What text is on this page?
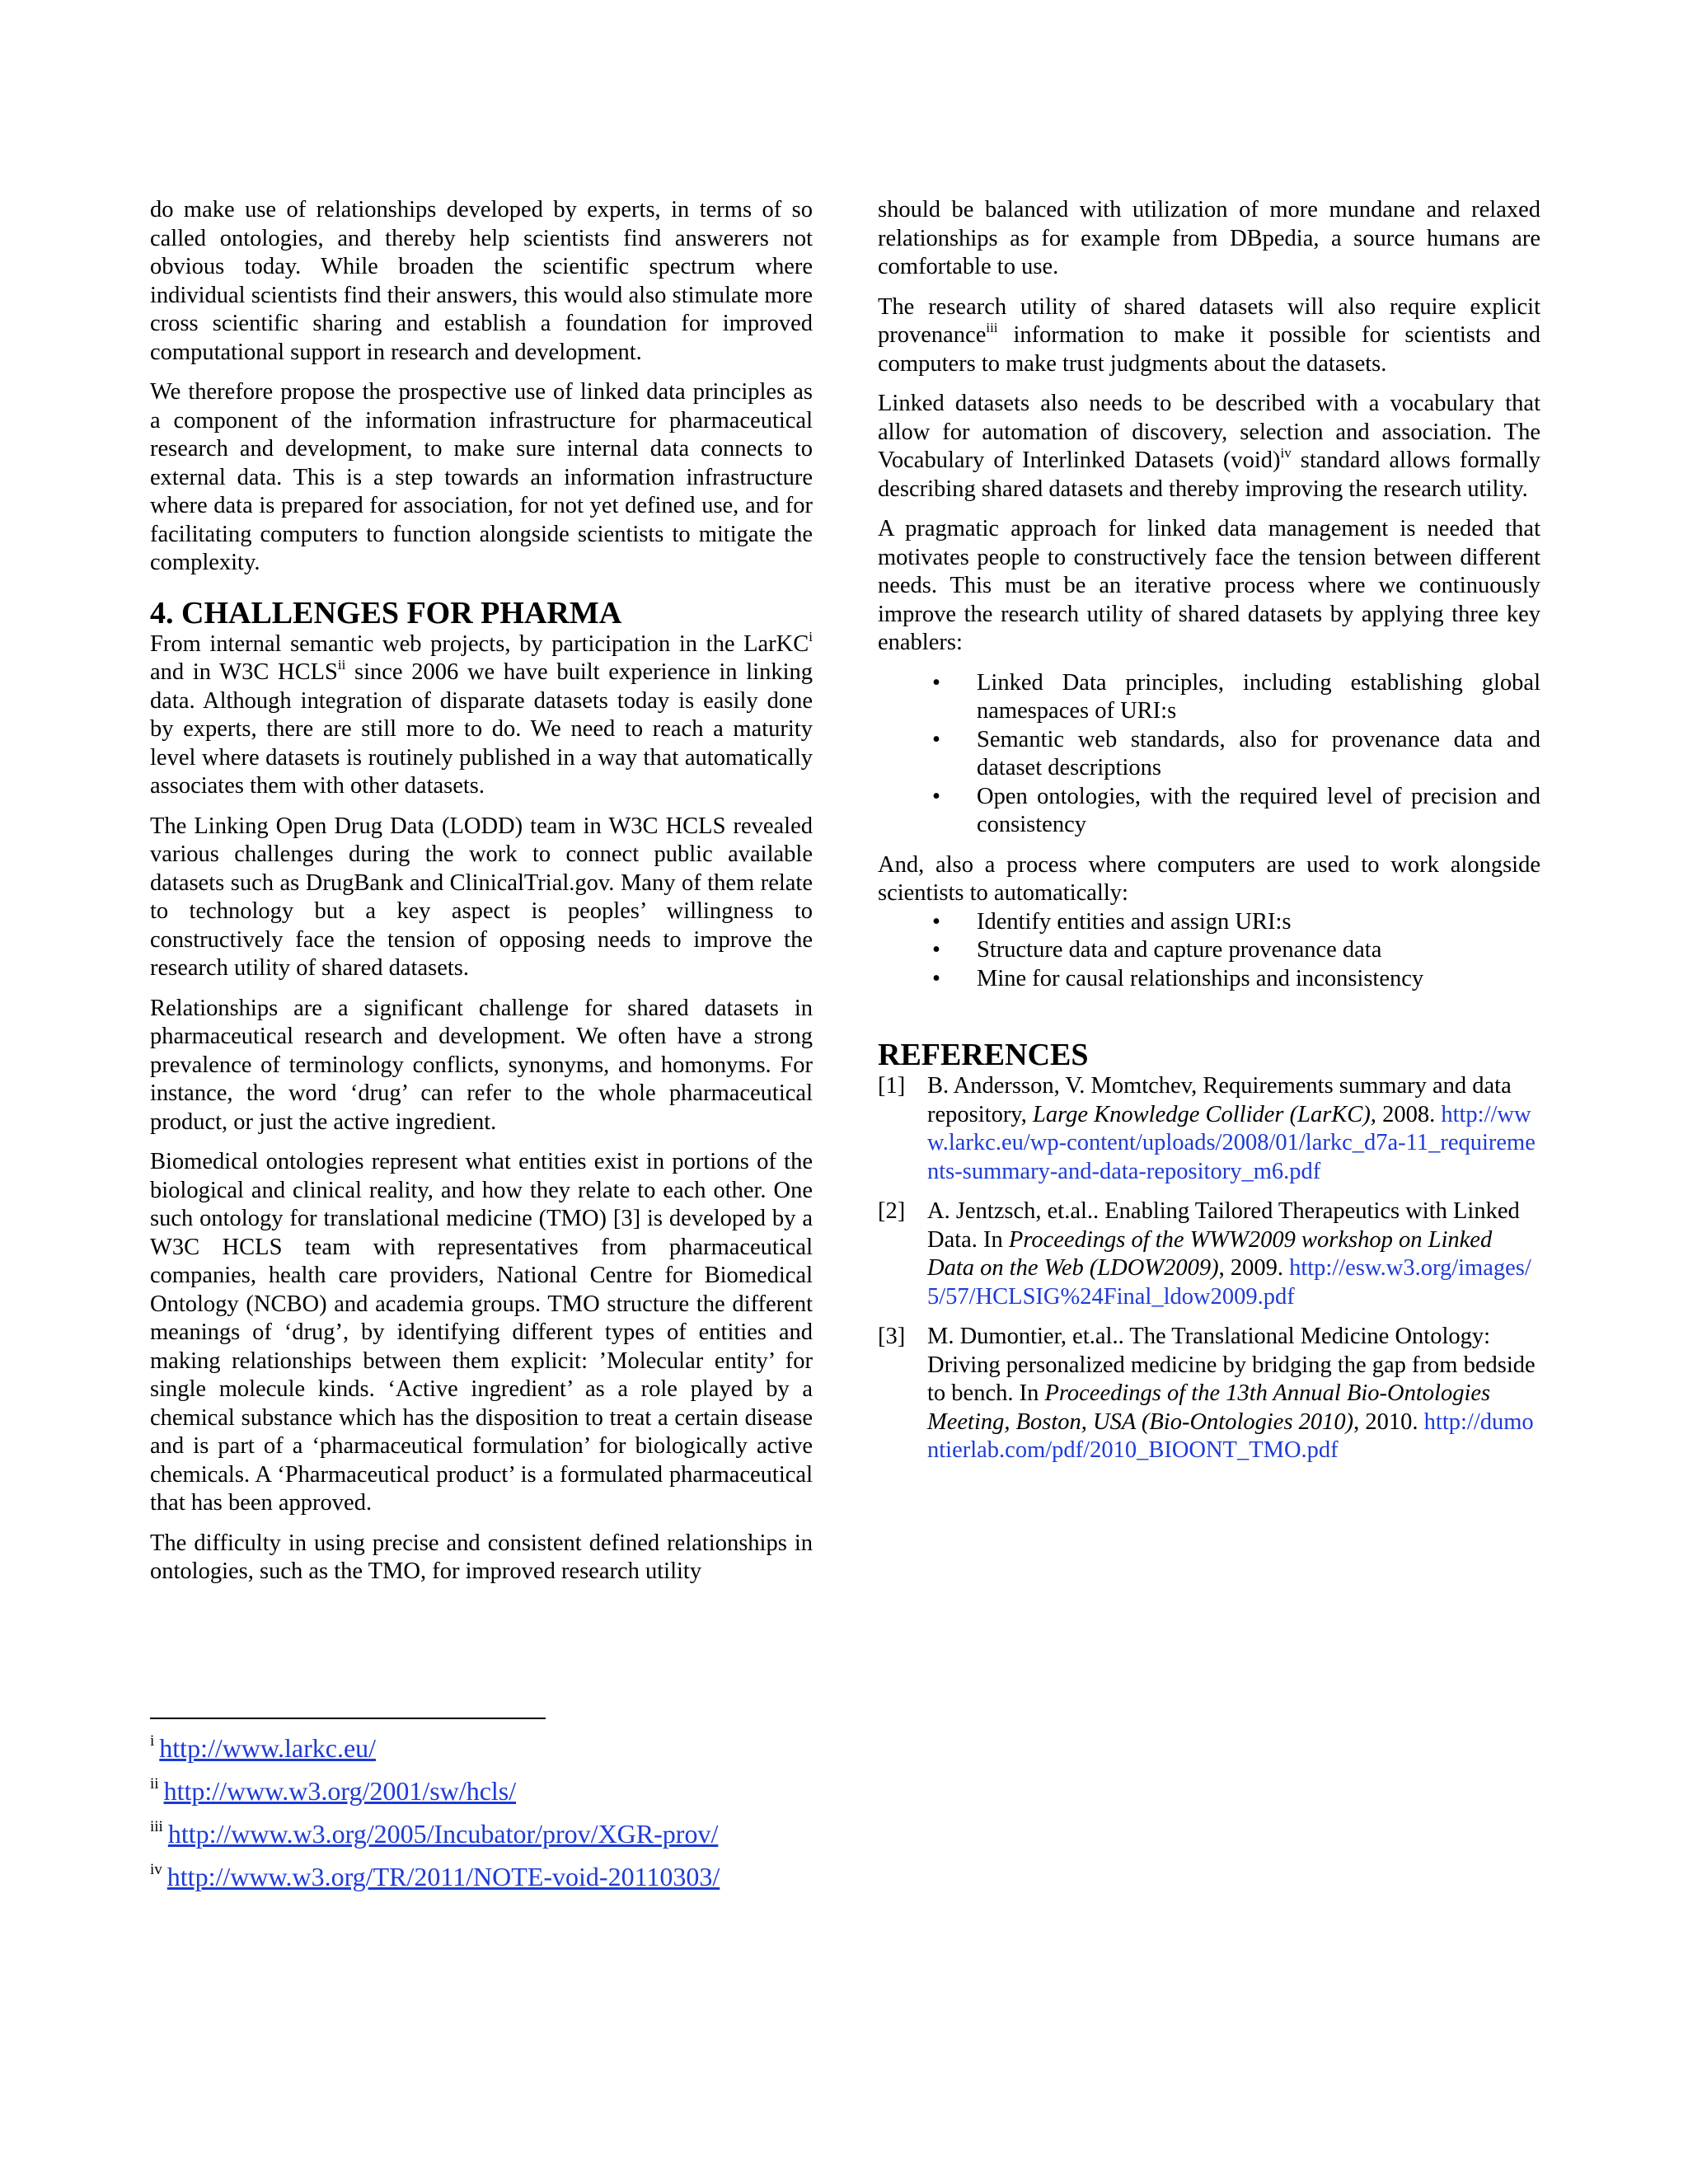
do make use of relationships developed by experts, in terms of so called ontologies, and thereby help scientists find answerers not obvious today. While broaden the scientific spectrum where individual scientists find their answers, this would also stimulate more cross scientific sharing and establish a foundation for improved computational support in research and development.

We therefore propose the prospective use of linked data principles as a component of the information infrastructure for pharmaceutical research and development, to make sure internal data connects to external data. This is a step towards an information infrastructure where data is prepared for association, for not yet defined use, and for facilitating computers to function alongside scientists to mitigate the complexity.

4. CHALLENGES FOR PHARMA

From internal semantic web projects, by participation in the LarKC$^i$ and in W3C HCLS$^{ii}$ since 2006 we have built experience in linking data. Although integration of disparate datasets today is easily done by experts, there are still more to do. We need to reach a maturity level where datasets is routinely published in a way that automatically associates them with other datasets.

The Linking Open Drug Data (LODD) team in W3C HCLS revealed various challenges during the work to connect public available datasets such as DrugBank and ClinicalTrial.gov. Many of them relate to technology but a key aspect is peoples’ willingness to constructively face the tension of opposing needs to improve the research utility of shared datasets.

Relationships are a significant challenge for shared datasets in pharmaceutical research and development. We often have a strong prevalence of terminology conflicts, synonyms, and homonyms. For instance, the word ‘drug’ can refer to the whole pharmaceutical product, or just the active ingredient.

Biomedical ontologies represent what entities exist in portions of the biological and clinical reality, and how they relate to each other. One such ontology for translational medicine (TMO) [3] is developed by a W3C HCLS team with representatives from pharmaceutical companies, health care providers, National Centre for Biomedical Ontology (NCBO) and academia groups. TMO structure the different meanings of ‘drug’, by identifying different types of entities and making relationships between them explicit: ’Molecular entity’ for single molecule kinds. ‘Active ingredient’ as a role played by a chemical substance which has the disposition to treat a certain disease and is part of a ‘pharmaceutical formulation’ for biologically active chemicals. A ‘Pharmaceutical product’ is a formulated pharmaceutical that has been approved.

The difficulty in using precise and consistent defined relationships in ontologies, such as the TMO, for improved research utility

should be balanced with utilization of more mundane and relaxed relationships as for example from DBpedia, a source humans are comfortable to use.

The research utility of shared datasets will also require explicit provenance$^{iii}$ information to make it possible for scientists and computers to make trust judgments about the datasets.

Linked datasets also needs to be described with a vocabulary that allow for automation of discovery, selection and association. The Vocabulary of Interlinked Datasets (void)$^{iv}$ standard allows formally describing shared datasets and thereby improving the research utility.

A pragmatic approach for linked data management is needed that motivates people to constructively face the tension between different needs. This must be an iterative process where we continuously improve the research utility of shared datasets by applying three key enablers:

• Linked Data principles, including establishing global namespaces of URI:s
• Semantic web standards, also for provenance data and dataset descriptions
• Open ontologies, with the required level of precision and consistency

And, also a process where computers are used to work alongside scientists to automatically:

• Identify entities and assign URI:s
• Structure data and capture provenance data
• Mine for causal relationships and inconsistency
REFERENCES
[1] B. Andersson, V. Momtchev, Requirements summary and data repository, Large Knowledge Collider (LarKC), 2008. http://www.larkc.eu/wp-content/uploads/2008/01/larkc_d7a-11_requirements-summary-and-data-repository_m6.pdf
[2] A. Jentzsch, et.al.. Enabling Tailored Therapeutics with Linked Data. In Proceedings of the WWW2009 workshop on Linked Data on the Web (LDOW2009), 2009. http://esw.w3.org/images/5/57/HCLSIG%24Final_ldow2009.pdf
[3] M. Dumontier, et.al.. The Translational Medicine Ontology: Driving personalized medicine by bridging the gap from bedside to bench. In Proceedings of the 13th Annual Bio-Ontologies Meeting, Boston, USA (Bio-Ontologies 2010), 2010. http://dumontierlab.com/pdf/2010_BIOONT_TMO.pdf
$^i$ http://www.larkc.eu/
$^{ii}$ http://www.w3.org/2001/sw/hcls/
$^{iii}$ http://www.w3.org/2005/Incubator/prov/XGR-prov/
$^{iv}$ http://www.w3.org/TR/2011/NOTE-void-20110303/
